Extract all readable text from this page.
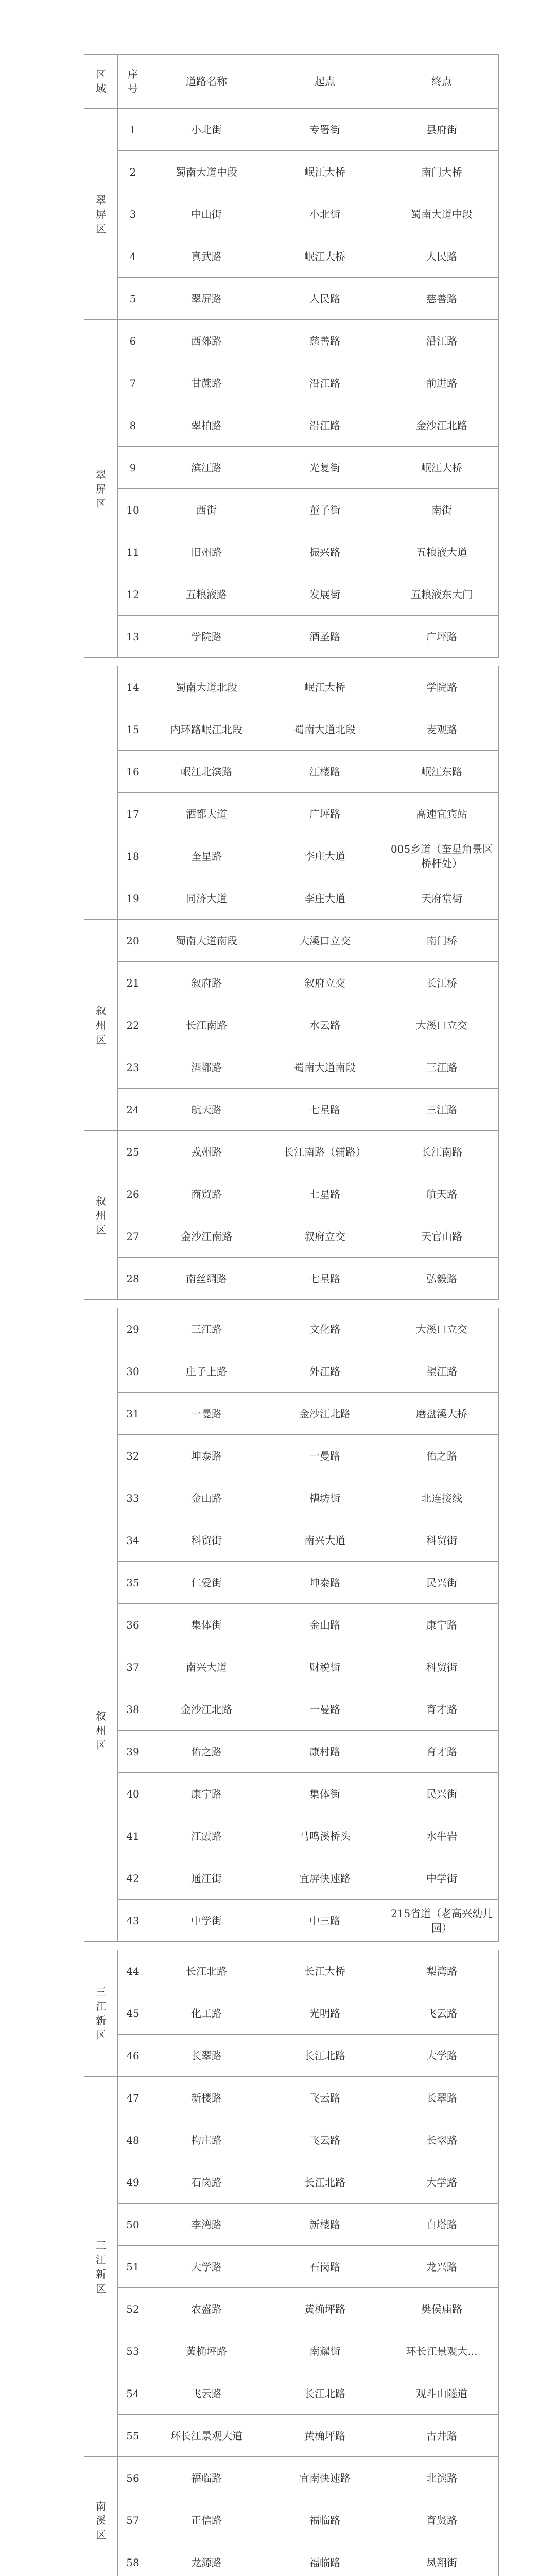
区域	序号	道路名称	起点	终点
翠屏区	1	小北街	专署街	县府街
	2	蜀南大道中段	岷江大桥	南门大桥
	3	中山街	小北街	蜀南大道中段
	4	真武路	岷江大桥	人民路
	5	翠屏路	人民路	慈善路
翠屏区	6	西郊路	慈善路	沿江路
	7	甘蔗路	沿江路	前进路
	8	翠柏路	沿江路	金沙江北路
	9	滨江路	光复街	岷江大桥
	10	西街	董子街	南街
	11	旧州路	振兴路	五粮液大道
	12	五粮液路	发展街	五粮液东大门
	13	学院路	酒圣路	广坪路
	14	蜀南大道北段	岷江大桥	学院路
	15	内环路岷江北段	蜀南大道北段	麦观路
	16	岷江北滨路	江楼路	岷江东路
	17	酒都大道	广坪路	高速宜宾站
	18	奎星路	李庄大道	005乡道（奎星角景区桥杆处）
	19	同济大道	李庄大道	天府堂街
叙州区	20	蜀南大道南段	大溪口立交	南门桥
	21	叙府路	叙府立交	长江桥
	22	长江南路	水云路	大溪口立交
	23	酒都路	蜀南大道南段	三江路
	24	航天路	七星路	三江路
叙州区	25	戎州路	长江南路（辅路）	长江南路
	26	商贸路	七星路	航天路
	27	金沙江南路	叙府立交	天官山路
	28	南丝绸路	七星路	弘毅路
	29	三江路	文化路	大溪口立交
	30	庄子上路	外江路	望江路
	31	一曼路	金沙江北路	磨盘溪大桥
	32	坤泰路	一曼路	佑之路
	33	金山路	槽坊街	北连接线
叙州区	34	科贸街	南兴大道	科贸街
	35	仁爱街	坤泰路	民兴街
	36	集体街	金山路	康宁路
	37	南兴大道	财税街	科贸街
	38	金沙江北路	一曼路	育才路
	39	佑之路	康村路	育才路
	40	康宁路	集体街	民兴街
	41	江霞路	马鸣溪桥头	水牛岩
	42	通江街	宜屏快速路	中学街
	43	中学街	中三路	215省道（老高兴幼儿园）
三江新区	44	长江北路	长江大桥	梨湾路
	45	化工路	光明路	飞云路
	46	长翠路	长江北路	大学路
三江新区	47	新楼路	飞云路	长翠路
	48	枸庄路	飞云路	长翠路
	49	石岗路	长江北路	大学路
	50	李湾路	新楼路	白塔路
	51	大学路	石岗路	龙兴路
	52	农盛路	黄桷坪路	樊侯庙路
	53	黄桷坪路	南耀街	环长江景观大...
	54	飞云路	长江北路	观斗山隧道
	55	环长江景观大道	黄桷坪路	古井路
南溪区	56	福临路	宜南快速路	北滨路
	57	正信路	福临路	育贤路
	58	龙源路	福临路	凤翔街
